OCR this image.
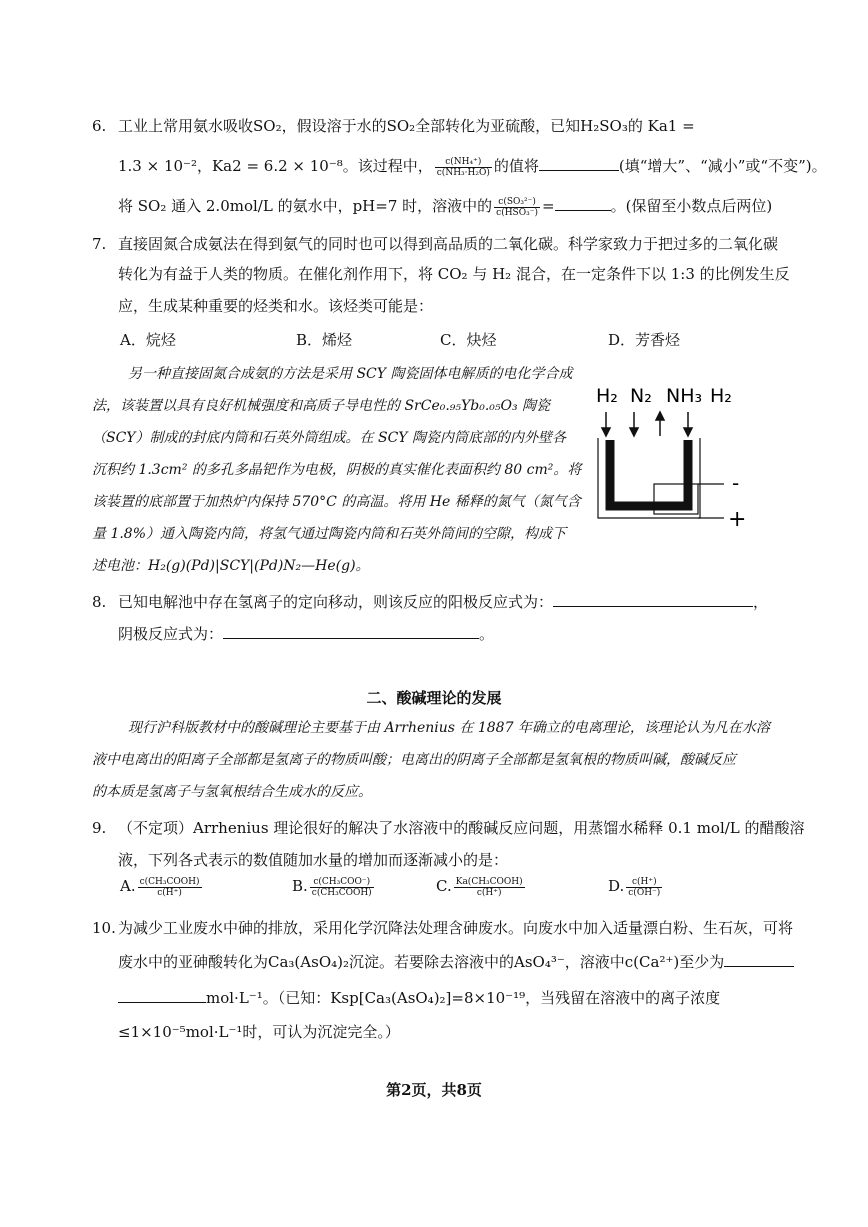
6. 工业上常用氨水吸收SO₂，假设溶于水的SO₂全部转化为亚硫酸，已知H₂SO₃的 Ka1 =
1.3 × 10⁻²，Ka2 = 6.2 × 10⁻⁸。该过程中， $\frac{\text{c(NH₄⁺)}}{\text{c(NH₃·H₂O)}}$ 的值将	(填“增大”、“减小”或“不变”)。
将 SO₂ 通入 2.0mol/L 的氨水中，pH=7 时，溶液中的 $\frac{\text{c(SO₃²⁻)}}{\text{c(HSO₃⁻)}}$ =	。(保留至小数点后两位)
7. 直接固氮合成氨法在得到氨气的同时也可以得到高品质的二氧化碳。科学家致力于把过多的二氧化碳
转化为有益于人类的物质。在催化剂作用下，将 CO₂ 与 H₂ 混合，在一定条件下以 1:3 的比例发生反
应，生成某种重要的烃类和水。该烃类可能是：
A．烷烃	B．烯烃	C．炔烃	D．芳香烃
另一种直接固氮合成氨的方法是采用 SCY 陶瓷固体电解质的电化学合成
法，该装置以具有良好机械强度和高质子导电性的 SrCe₀.₉₅Yb₀.₀₅O₃ 陶瓷
（SCY）制成的封底内筒和石英外筒组成。在 SCY 陶瓷内筒底部的内外壁各
沉积约 1.3cm² 的多孔多晶钯作为电极，阴极的真实催化表面积约 80 cm²。将
该装置的底部置于加热炉内保持 570°C 的高温。将用 He 稀释的氮气（氮气含
量 1.8%）通入陶瓷内筒，将氢气通过陶瓷内筒和石英外筒间的空隙，构成下
述电池：H₂(g)(Pd)|SCY|(Pd)N₂—He(g)。
H₂ N₂ NH₃ H₂
-
+
8. 已知电解池中存在氢离子的定向移动，则该反应的阳极反应式为：	，
阴极反应式为：	。
二、酸碱理论的发展
现行沪科版教材中的酸碱理论主要基于由 Arrhenius 在 1887 年确立的电离理论，该理论认为凡在水溶
液中电离出的阳离子全部都是氢离子的物质叫酸；电离出的阴离子全部都是氢氧根的物质叫碱，酸碱反应
的本质是氢离子与氢氧根结合生成水的反应。
9. （不定项）Arrhenius 理论很好的解决了水溶液中的酸碱反应问题，用蒸馏水稀释 0.1 mol/L 的醋酸溶
液，下列各式表示的数值随加水量的增加而逐渐减小的是：
A. $\frac{\text{c(CH₃COOH)}}{c(H^+)}$	B. $\frac{\text{c(CH₃COO⁻)}}{\text{c(CH₃COOH)}}$	C. $\frac{\text{Ka(CH₃COOH)}}{c(H^+)}$	D. $\frac{c(H^+)}{c(OH^-)}$
10. 为减少工业废水中砷的排放，采用化学沉降法处理含砷废水。向废水中加入适量漂白粉、生石灰，可将
废水中的亚砷酸转化为Ca₃(AsO₄)₂沉淀。若要除去溶液中的AsO₄³⁻，溶液中c(Ca²⁺)至少为
mol·L⁻¹。（已知：Ksp[Ca₃(AsO₄)₂]=8×10⁻¹⁹，当残留在溶液中的离子浓度
≤1×10⁻⁵mol·L⁻¹时，可认为沉淀完全。）
第2页，共8页
